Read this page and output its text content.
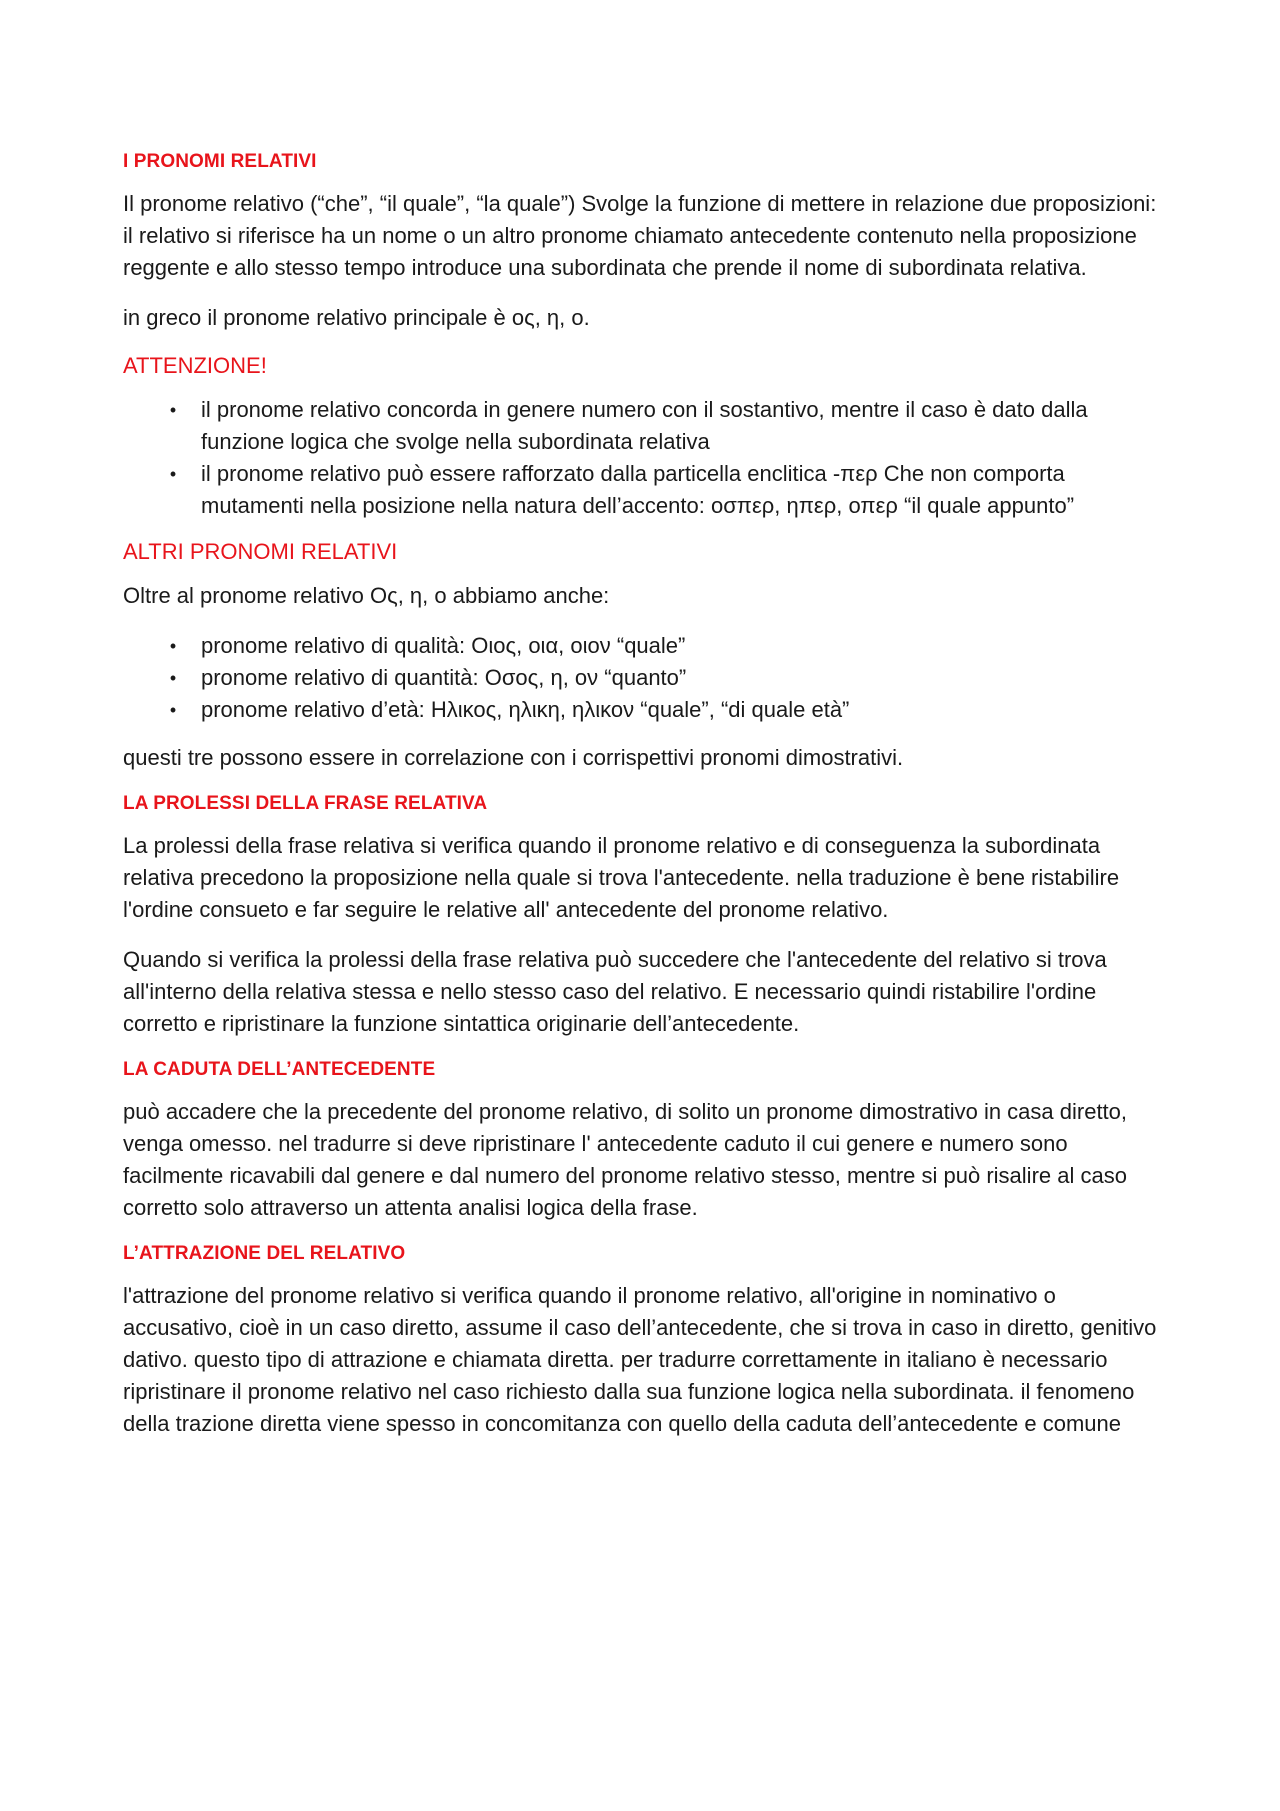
I PRONOMI RELATIVI

Il pronome relativo (“che”, “il quale”, “la quale”) Svolge la funzione di mettere in relazione due proposizioni: il relativo si riferisce ha un nome o un altro pronome chiamato antecedente contenuto nella proposizione reggente e allo stesso tempo introduce una subordinata che prende il nome di subordinata relativa.

in greco il pronome relativo principale è ος, η, ο.

ATTENZIONE!
•	il pronome relativo concorda in genere numero con il sostantivo, mentre il caso è dato dalla funzione logica che svolge nella subordinata relativa
•	il pronome relativo può essere rafforzato dalla particella enclitica -περ Che non comporta mutamenti nella posizione nella natura dell’accento: οσπερ, ηπερ, οπερ “il quale appunto”
ALTRI PRONOMI RELATIVI

Oltre al pronome relativo Ος, η, ο abbiamo anche:

•	pronome relativo di qualità: Οιος, οια, οιον “quale”
•	pronome relativo di quantità: Οσος, η, ον “quanto”
•	pronome relativo d’età: Ηλικος, ηλικη, ηλικον “quale”, “di quale età”

questi tre possono essere in correlazione con i corrispettivi pronomi dimostrativi.

LA PROLESSI DELLA FRASE RELATIVA

La prolessi della frase relativa si verifica quando il pronome relativo e di conseguenza la subordinata relativa precedono la proposizione nella quale si trova l'antecedente. nella traduzione è bene ristabilire l'ordine consueto e far seguire le relative all' antecedente del pronome relativo.

Quando si verifica la prolessi della frase relativa può succedere che l'antecedente del relativo si trova all'interno della relativa stessa e nello stesso caso del relativo. E necessario quindi ristabilire l'ordine corretto e ripristinare la funzione sintattica originarie dell’antecedente.

LA CADUTA DELL’ANTECEDENTE

può accadere che la precedente del pronome relativo, di solito un pronome dimostrativo in casa diretto, venga omesso. nel tradurre si deve ripristinare l' antecedente caduto il cui genere e numero sono facilmente ricavabili dal genere e dal numero del pronome relativo stesso, mentre si può risalire al caso corretto solo attraverso un attenta analisi logica della frase.

L’ATTRAZIONE DEL RELATIVO

l'attrazione del pronome relativo si verifica quando il pronome relativo, all'origine in nominativo o accusativo, cioè in un caso diretto, assume il caso dell’antecedente, che si trova in caso in diretto, genitivo dativo. questo tipo di attrazione e chiamata diretta. per tradurre correttamente in italiano è necessario ripristinare il pronome relativo nel caso richiesto dalla sua funzione logica nella subordinata. il fenomeno della trazione diretta viene spesso in concomitanza con quello della caduta dell’antecedente e comune
